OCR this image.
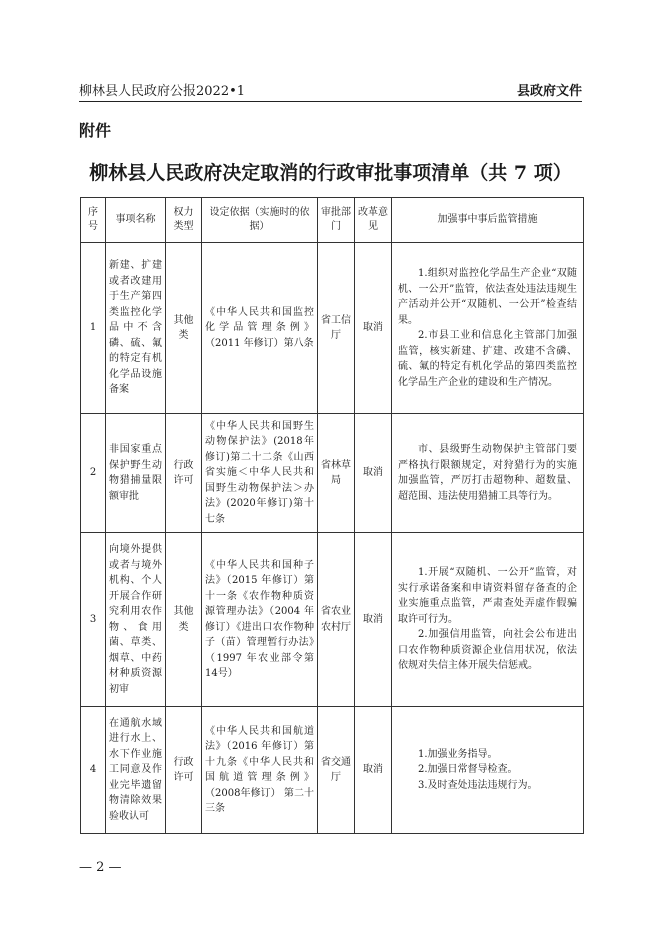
柳林县人民政府公报2022•1	县政府文件
附件
柳林县人民政府决定取消的行政审批事项清单（共 7 项）
序号	事项名称	权力类型	设定依据（实施时的依据）	审批部门	改革意见	加强事中事后监管措施
1	新建、扩建或者改建用于生产第四类监控化学品中不含磷、硫、氟的特定有机化学品设施备案	其他类	《中华人民共和国监控化学品管理条例》（2011 年修订）第八条	省工信厅	取消	1.组织对监控化学品生产企业“双随机、一公开”监管，依法查处违法违规生产活动并公开“双随机、一公开”检查结果。

2.市县工业和信息化主管部门加强监管，核实新建、扩建、改建不含磷、硫、氟的特定有机化学品的第四类监控化学品生产企业的建设和生产情况。

2	非国家重点保护野生动物猎捕量限额审批	行政许可	《中华人民共和国野生动物保护法》(2018年修订)第二十二条《山西省实施＜中华人民共和国野生动物保护法＞办法》(2020年修订)第十七条	省林草局	取消	市、县级野生动物保护主管部门要严格执行限额规定，对狩猎行为的实施加强监管，严厉打击超物种、超数量、超范围、违法使用猎捕工具等行为。

3	向境外提供或者与境外机构、个人开展合作研究利用农作物、食用菌、草类、烟草、中药材种质资源初审	其他类	《中华人民共和国种子法》（2015 年修订）第十一条《农作物种质资源管理办法》（2004 年修订）《进出口农作物种子（苗）管理暂行办法》（1997 年农业部令第14号）	省农业农村厅	取消	1.开展“双随机、一公开”监管，对实行承诺备案和申请资料留存备查的企业实施重点监管，严肃查处弄虚作假骗取许可行为。

2.加强信用监管，向社会公布进出口农作物种质资源企业信用状况，依法依规对失信主体开展失信惩戒。

4	在通航水域进行水上、水下作业施工同意及作业完毕遗留物清除效果验收认可	行政许可	《中华人民共和国航道法》（2016 年修订）第十九条《中华人民共和国航道管理条例》（2008年修订） 第二十三条	省交通厅	取消	1.加强业务指导。

2.加强日常督导检查。

3.及时查处违法违规行为。

— 2 —
